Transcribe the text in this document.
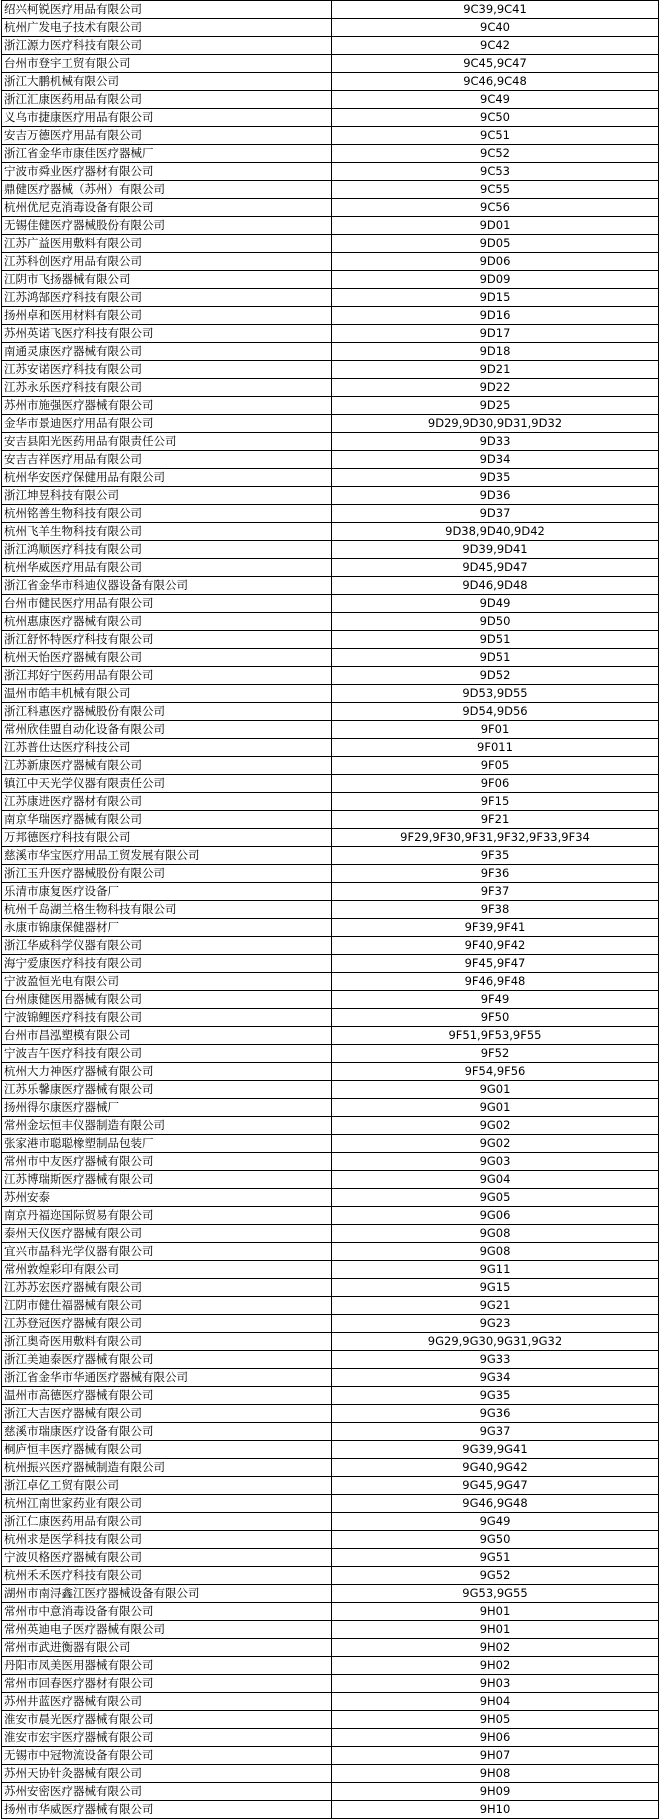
绍兴柯锐医疗用品有限公司	9C39,9C41
杭州广发电子技术有限公司	9C40
浙江源力医疗科技有限公司	9C42
台州市登宇工贸有限公司	9C45,9C47
浙江大鹏机械有限公司	9C46,9C48
浙江汇康医药用品有限公司	9C49
义乌市捷康医疗用品有限公司	9C50
安吉万德医疗用品有限公司	9C51
浙江省金华市康佳医疗器械厂	9C52
宁波市舜业医疗器材有限公司	9C53
鼎健医疗器械（苏州）有限公司	9C55
杭州优尼克消毒设备有限公司	9C56
无锡佳健医疗器械股份有限公司	9D01
江苏广益医用敷料有限公司	9D05
江苏科创医疗用品有限公司	9D06
江阴市飞扬器械有限公司	9D09
江苏鸿郜医疗科技有限公司	9D15
扬州卓和医用材料有限公司	9D16
苏州英诺飞医疗科技有限公司	9D17
南通灵康医疗器械有限公司	9D18
江苏安诺医疗科技有限公司	9D21
江苏永乐医疗科技有限公司	9D22
苏州市施强医疗器械有限公司	9D25
金华市景迪医疗用品有限公司	9D29,9D30,9D31,9D32
安吉县阳光医药用品有限责任公司	9D33
安吉吉祥医疗用品有限公司	9D34
杭州华安医疗保健用品有限公司	9D35
浙江坤昱科技有限公司	9D36
杭州铭善生物科技有限公司	9D37
杭州飞羊生物科技有限公司	9D38,9D40,9D42
浙江鸿顺医疗科技有限公司	9D39,9D41
杭州华威医疗用品有限公司	9D45,9D47
浙江省金华市科迪仪器设备有限公司	9D46,9D48
台州市健民医疗用品有限公司	9D49
杭州惠康医疗器械有限公司	9D50
浙江舒怀特医疗科技有限公司	9D51
杭州天怡医疗器械有限公司	9D51
浙江邦好宁医药用品有限公司	9D52
温州市皓丰机械有限公司	9D53,9D55
浙江科惠医疗器械股份有限公司	9D54,9D56
常州欣佳盟自动化设备有限公司	9F01
江苏普仕达医疗科技公司	9F011
江苏新康医疗器械有限公司	9F05
镇江中天光学仪器有限责任公司	9F06
江苏康进医疗器材有限公司	9F15
南京华瑞医疗器械有限公司	9F21
万邦德医疗科技有限公司	9F29,9F30,9F31,9F32,9F33,9F34
慈溪市华宝医疗用品工贸发展有限公司	9F35
浙江玉升医疗器械股份有限公司	9F36
乐清市康复医疗设备厂	9F37
杭州千岛湖兰格生物科技有限公司	9F38
永康市锦康保健器材厂	9F39,9F41
浙江华威科学仪器有限公司	9F40,9F42
海宁爱康医疗科技有限公司	9F45,9F47
宁波盈恒光电有限公司	9F46,9F48
台州康健医用器械有限公司	9F49
宁波锦鲤医疗科技有限公司	9F50
台州市昌泓塑模有限公司	9F51,9F53,9F55
宁波吉午医疗科技有限公司	9F52
杭州大力神医疗器械有限公司	9F54,9F56
江苏乐馨康医疗器械有限公司	9G01
扬州得尔康医疗器械厂	9G01
常州金坛恒丰仪器制造有限公司	9G02
张家港市聪聪橡塑制品包装厂	9G02
常州市中友医疗器械有限公司	9G03
江苏博瑞斯医疗器械有限公司	9G04
苏州安泰	9G05
南京丹福迩国际贸易有限公司	9G06
泰州天仪医疗器械有限公司	9G08
宜兴市晶科光学仪器有限公司	9G08
常州敦煌彩印有限公司	9G11
江苏苏宏医疗器械有限公司	9G15
江阴市健仕福器械有限公司	9G21
江苏登冠医疗器械有限公司	9G23
浙江奥奇医用敷料有限公司	9G29,9G30,9G31,9G32
浙江美迪泰医疗器械有限公司	9G33
浙江省金华市华通医疗器械有限公司	9G34
温州市高德医疗器械有限公司	9G35
浙江大吉医疗器械有限公司	9G36
慈溪市瑞康医疗设备有限公司	9G37
桐庐恒丰医疗器械有限公司	9G39,9G41
杭州振兴医疗器械制造有限公司	9G40,9G42
浙江卓亿工贸有限公司	9G45,9G47
杭州江南世家药业有限公司	9G46,9G48
浙江仁康医药用品有限公司	9G49
杭州求是医学科技有限公司	9G50
宁波贝格医疗器械有限公司	9G51
杭州禾禾医疗科技有限公司	9G52
湖州市南浔鑫江医疗器械设备有限公司	9G53,9G55
常州市中意消毒设备有限公司	9H01
常州英迪电子医疗器械有限公司	9H01
常州市武进衡器有限公司	9H02
丹阳市凤美医用器械有限公司	9H02
常州市回春医疗器材有限公司	9H03
苏州井蓝医疗器械有限公司	9H04
淮安市晨光医疗器械有限公司	9H05
淮安市宏宇医疗器械有限公司	9H06
无锡市中冠物流设备有限公司	9H07
苏州天协针灸器械有限公司	9H08
苏州安密医疗器械有限公司	9H09
扬州市华威医疗器械有限公司	9H10
